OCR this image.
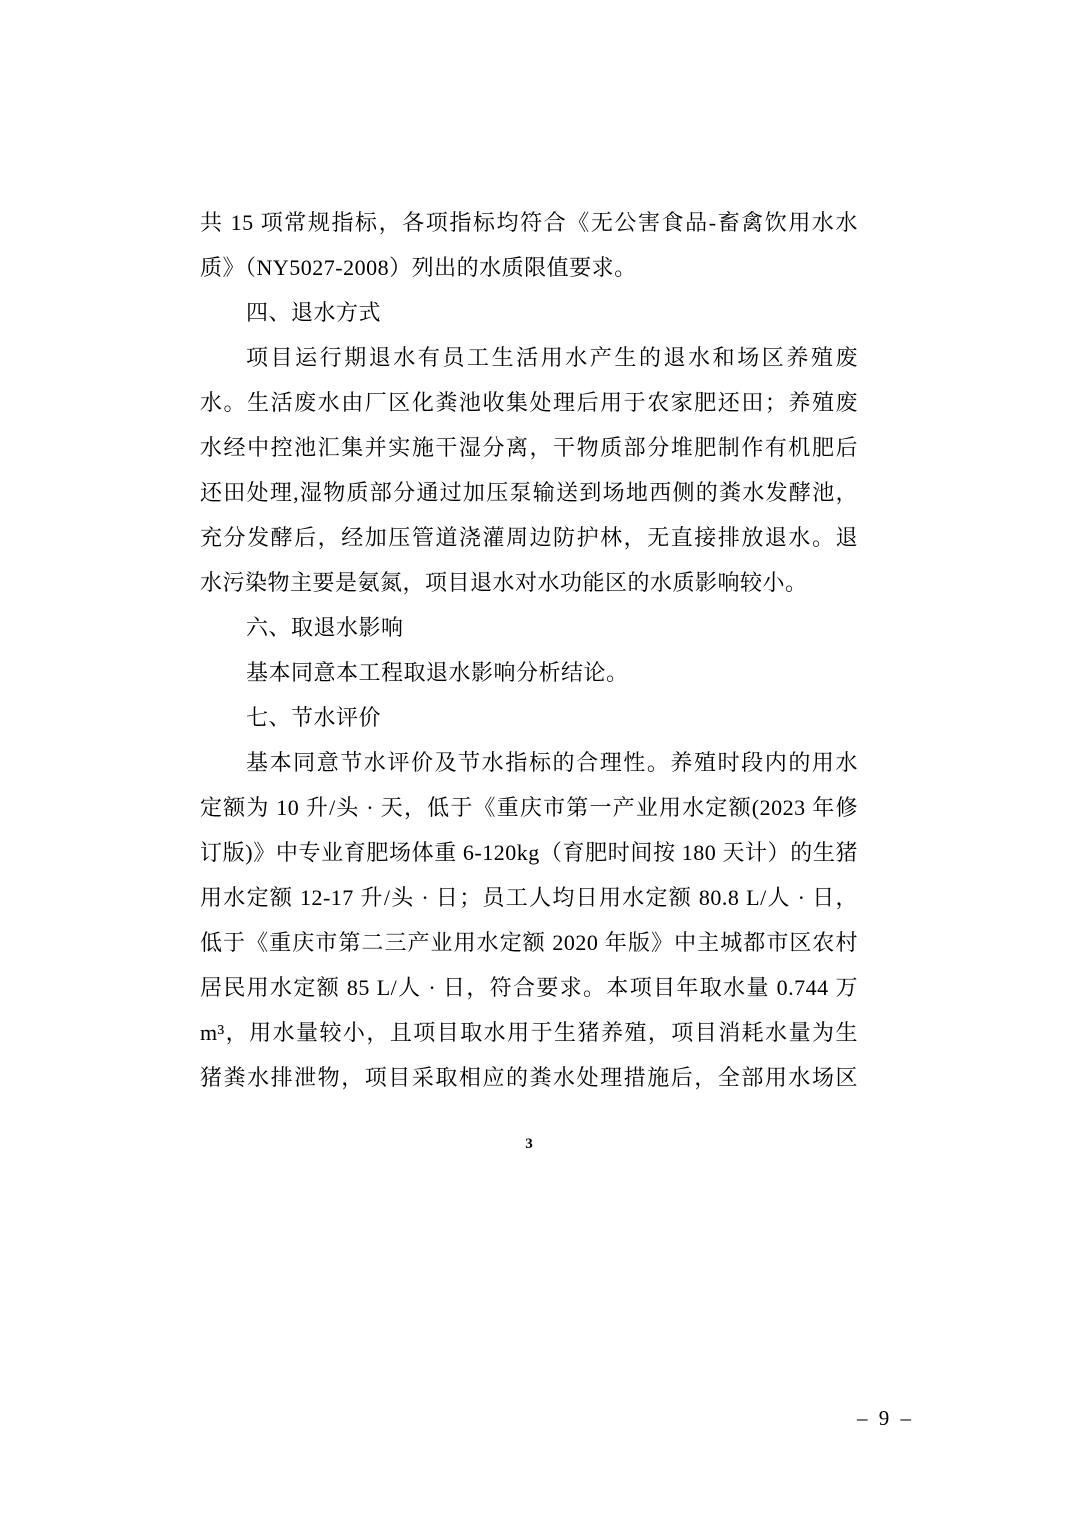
共 15 项常规指标，各项指标均符合《无公害食品-畜禽饮用水水
质》（NY5027-2008）列出的水质限值要求。
四、退水方式
项目运行期退水有员工生活用水产生的退水和场区养殖废
水。生活废水由厂区化粪池收集处理后用于农家肥还田；养殖废
水经中控池汇集并实施干湿分离，干物质部分堆肥制作有机肥后
还田处理,湿物质部分通过加压泵输送到场地西侧的粪水发酵池，
充分发酵后，经加压管道浇灌周边防护林，无直接排放退水。退
水污染物主要是氨氮，项目退水对水功能区的水质影响较小。
六、取退水影响
基本同意本工程取退水影响分析结论。
七、节水评价
基本同意节水评价及节水指标的合理性。养殖时段内的用水
定额为 10 升/头 · 天，低于《重庆市第一产业用水定额(2023 年修
订版)》中专业育肥场体重 6-120kg（育肥时间按 180 天计）的生猪
用水定额 12-17 升/头 · 日；员工人均日用水定额 80.8 L/人 · 日，
低于《重庆市第二三产业用水定额 2020 年版》中主城都市区农村
居民用水定额 85 L/人 · 日，符合要求。本项目年取水量 0.744 万
m³，用水量较小，且项目取水用于生猪养殖，项目消耗水量为生
猪粪水排泄物，项目采取相应的粪水处理措施后，全部用水场区
3
– 9 –
